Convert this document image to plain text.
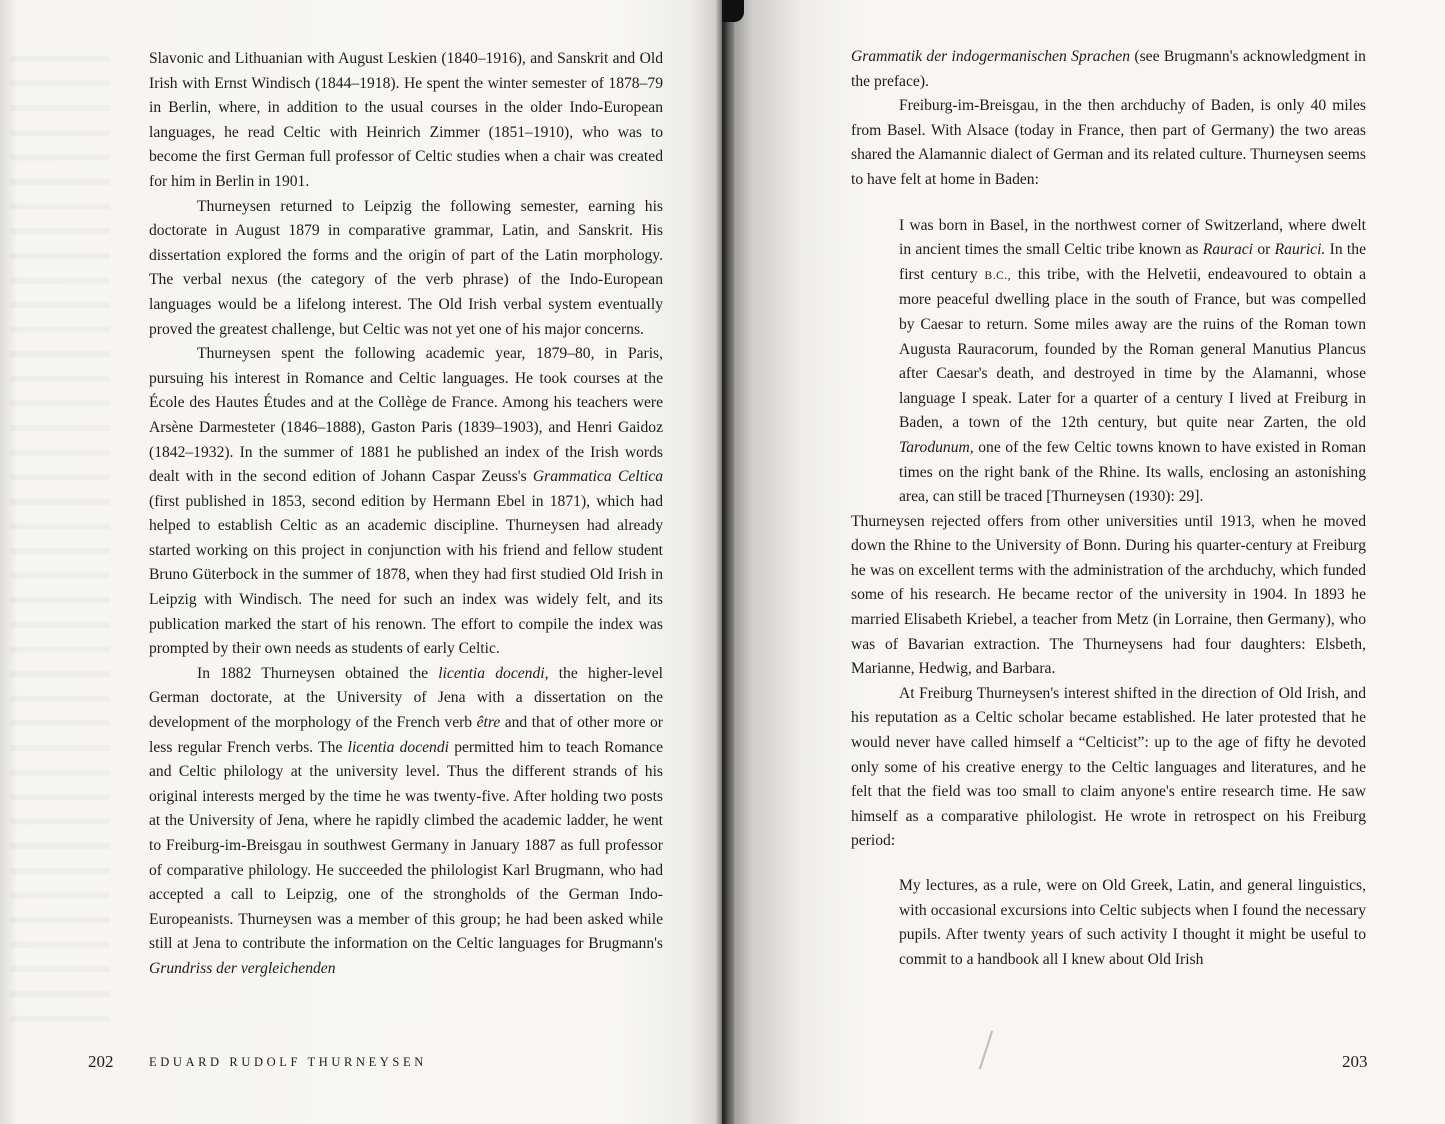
Slavonic and Lithuanian with August Leskien (1840–1916), and Sanskrit and Old Irish with Ernst Windisch (1844–1918). He spent the winter semester of 1878–79 in Berlin, where, in addition to the usual courses in the older Indo-European languages, he read Celtic with Heinrich Zimmer (1851–1910), who was to become the first German full professor of Celtic studies when a chair was created for him in Berlin in 1901.

Thurneysen returned to Leipzig the following semester, earning his doctorate in August 1879 in comparative grammar, Latin, and Sanskrit. His dissertation explored the forms and the origin of part of the Latin morphology. The verbal nexus (the category of the verb phrase) of the Indo-European languages would be a lifelong interest. The Old Irish verbal system eventually proved the greatest challenge, but Celtic was not yet one of his major concerns.

Thurneysen spent the following academic year, 1879–80, in Paris, pursuing his interest in Romance and Celtic languages. He took courses at the École des Hautes Études and at the Collège de France. Among his teachers were Arsène Darmesteter (1846–1888), Gaston Paris (1839–1903), and Henri Gaidoz (1842–1932). In the summer of 1881 he published an index of the Irish words dealt with in the second edition of Johann Caspar Zeuss's Grammatica Celtica (first published in 1853, second edition by Hermann Ebel in 1871), which had helped to establish Celtic as an academic discipline. Thurneysen had already started working on this project in conjunction with his friend and fellow student Bruno Güterbock in the summer of 1878, when they had first studied Old Irish in Leipzig with Windisch. The need for such an index was widely felt, and its publication marked the start of his renown. The effort to compile the index was prompted by their own needs as students of early Celtic.

In 1882 Thurneysen obtained the licentia docendi, the higher-level German doctorate, at the University of Jena with a dissertation on the development of the morphology of the French verb être and that of other more or less regular French verbs. The licentia docendi permitted him to teach Romance and Celtic philology at the university level. Thus the different strands of his original interests merged by the time he was twenty-five. After holding two posts at the University of Jena, where he rapidly climbed the academic ladder, he went to Freiburg-im-Breisgau in southwest Germany in January 1887 as full professor of comparative philology. He succeeded the philologist Karl Brugmann, who had accepted a call to Leipzig, one of the strongholds of the German Indo-Europeanists. Thurneysen was a member of this group; he had been asked while still at Jena to contribute the information on the Celtic languages for Brugmann's Grundriss der vergleichenden

202	EDUARD RUDOLF THURNEYSEN

Grammatik der indogermanischen Sprachen (see Brugmann's acknowledgment in the preface).

Freiburg-im-Breisgau, in the then archduchy of Baden, is only 40 miles from Basel. With Alsace (today in France, then part of Germany) the two areas shared the Alamannic dialect of German and its related culture. Thurneysen seems to have felt at home in Baden:

I was born in Basel, in the northwest corner of Switzerland, where dwelt in ancient times the small Celtic tribe known as Rauraci or Raurici. In the first century B.C., this tribe, with the Helvetii, endeavoured to obtain a more peaceful dwelling place in the south of France, but was compelled by Caesar to return. Some miles away are the ruins of the Roman town Augusta Rauracorum, founded by the Roman general Manutius Plancus after Caesar's death, and destroyed in time by the Alamanni, whose language I speak. Later for a quarter of a century I lived at Freiburg in Baden, a town of the 12th century, but quite near Zarten, the old Tarodunum, one of the few Celtic towns known to have existed in Roman times on the right bank of the Rhine. Its walls, enclosing an astonishing area, can still be traced [Thurneysen (1930): 29].

Thurneysen rejected offers from other universities until 1913, when he moved down the Rhine to the University of Bonn. During his quarter-century at Freiburg he was on excellent terms with the administration of the archduchy, which funded some of his research. He became rector of the university in 1904. In 1893 he married Elisabeth Kriebel, a teacher from Metz (in Lorraine, then Germany), who was of Bavarian extraction. The Thurneysens had four daughters: Elsbeth, Marianne, Hedwig, and Barbara.

At Freiburg Thurneysen's interest shifted in the direction of Old Irish, and his reputation as a Celtic scholar became established. He later protested that he would never have called himself a “Celticist”: up to the age of fifty he devoted only some of his creative energy to the Celtic languages and literatures, and he felt that the field was too small to claim anyone's entire research time. He saw himself as a comparative philologist. He wrote in retrospect on his Freiburg period:

My lectures, as a rule, were on Old Greek, Latin, and general linguistics, with occasional excursions into Celtic subjects when I found the necessary pupils. After twenty years of such activity I thought it might be useful to commit to a handbook all I knew about Old Irish
203
